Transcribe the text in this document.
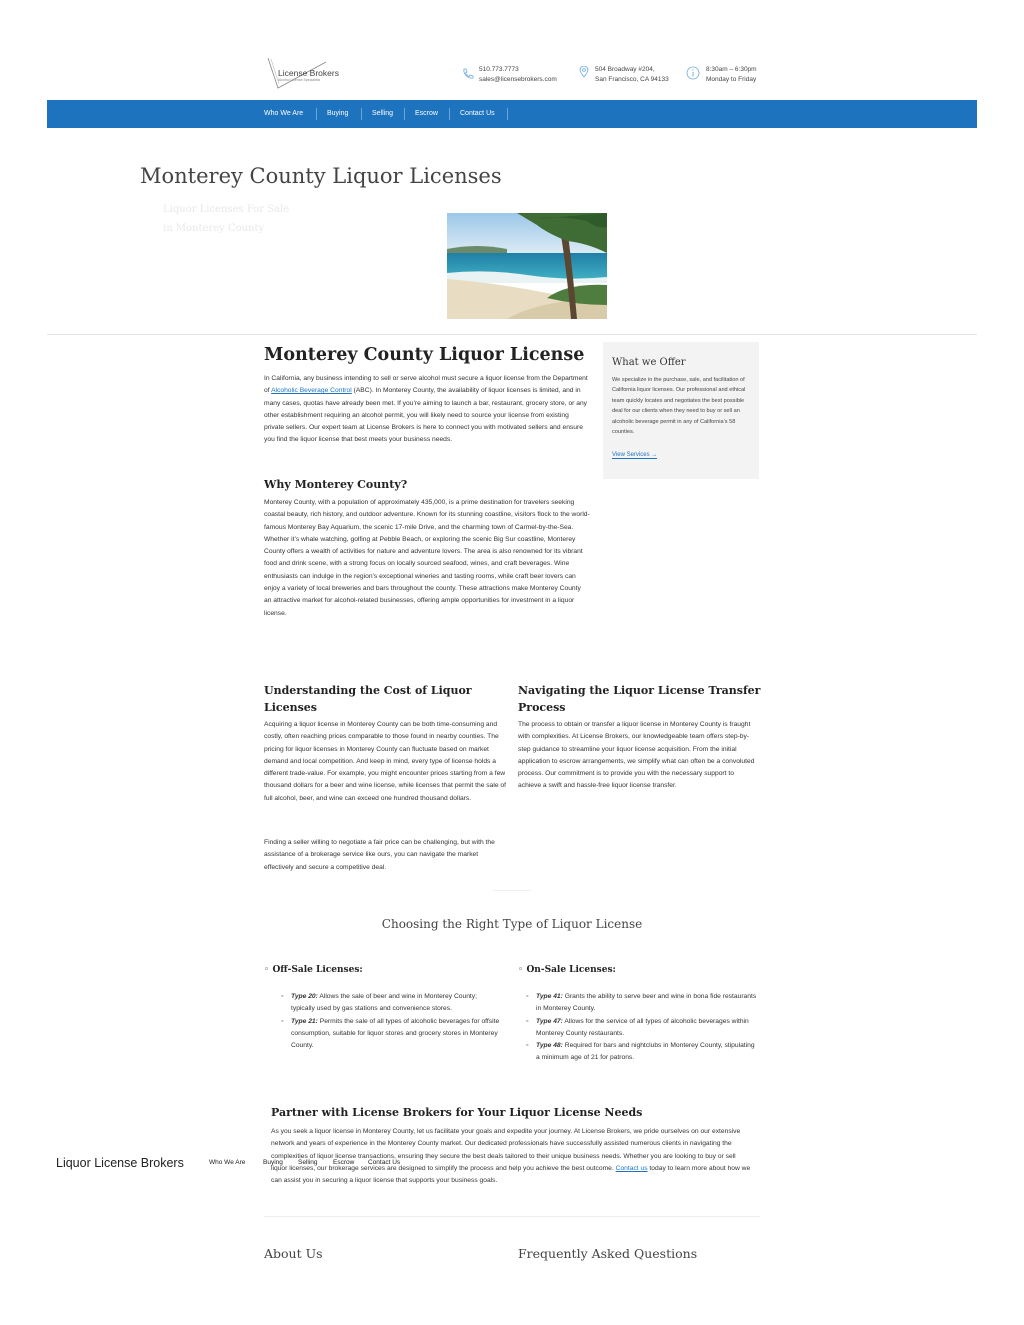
License Brokers
Alcohol License Specialists
510.773.7773
sales@licensebrokers.com
504 Broadway #204,
San Francisco, CA 94133
8:30am – 6:30pm
Monday to Friday
Who We Are	Buying	Selling	Escrow	Contact Us
Monterey County Liquor Licenses
Liquor Licenses For Sale
in Monterey County
Monterey County Liquor License
In California, any business intending to sell or serve alcohol must secure a liquor license from the Department of Alcoholic Beverage Control (ABC). In Monterey County, the availability of liquor licenses is limited, and in many cases, quotas have already been met. If you’re aiming to launch a bar, restaurant, grocery store, or any other establishment requiring an alcohol permit, you will likely need to source your license from existing private sellers. Our expert team at License Brokers is here to connect you with motivated sellers and ensure you find the liquor license that best meets your business needs.
Why Monterey County?
Monterey County, with a population of approximately 435,000, is a prime destination for travelers seeking coastal beauty, rich history, and outdoor adventure. Known for its stunning coastline, visitors flock to the world-famous Monterey Bay Aquarium, the scenic 17-mile Drive, and the charming town of Carmel-by-the-Sea. Whether it’s whale watching, golfing at Pebble Beach, or exploring the scenic Big Sur coastline, Monterey County offers a wealth of activities for nature and adventure lovers. The area is also renowned for its vibrant food and drink scene, with a strong focus on locally sourced seafood, wines, and craft beverages. Wine enthusiasts can indulge in the region’s exceptional wineries and tasting rooms, while craft beer lovers can enjoy a variety of local breweries and bars throughout the county. These attractions make Monterey County an attractive market for alcohol-related businesses, offering ample opportunities for investment in a liquor license.
What we Offer
We specialize in the purchase, sale, and facilitation of California liquor licenses. Our professional and ethical team quickly locates and negotiates the best possible deal for our clients when they need to buy or sell an alcoholic beverage permit in any of California’s 58 counties.
View Services →
Understanding the Cost of Liquor Licenses
Acquiring a liquor license in Monterey County can be both time-consuming and costly, often reaching prices comparable to those found in nearby counties. The pricing for liquor licenses in Monterey County can fluctuate based on market demand and local competition. And keep in mind, every type of license holds a different trade-value. For example, you might encounter prices starting from a few thousand dollars for a beer and wine license, while licenses that permit the sale of full alcohol, beer, and wine can exceed one hundred thousand dollars.
Finding a seller willing to negotiate a fair price can be challenging, but with the assistance of a brokerage service like ours, you can navigate the market effectively and secure a competitive deal.
Navigating the Liquor License Transfer Process
The process to obtain or transfer a liquor license in Monterey County is fraught with complexities. At License Brokers, our knowledgeable team offers step-by-step guidance to streamline your liquor license acquisition. From the initial application to escrow arrangements, we simplify what can often be a convoluted process. Our commitment is to provide you with the necessary support to achieve a swift and hassle-free liquor license transfer.
Choosing the Right Type of Liquor License
◦ Off-Sale Licenses:
◦ Type 20: Allows the sale of beer and wine in Monterey County; typically used by gas stations and convenience stores.
◦ Type 21: Permits the sale of all types of alcoholic beverages for offsite consumption, suitable for liquor stores and grocery stores in Monterey County.
◦ On-Sale Licenses:
◦ Type 41: Grants the ability to serve beer and wine in bona fide restaurants in Monterey County.
◦ Type 47: Allows for the service of all types of alcoholic beverages within Monterey County restaurants.
◦ Type 48: Required for bars and nightclubs in Monterey County, stipulating a minimum age of 21 for patrons.
Partner with License Brokers for Your Liquor License Needs
As you seek a liquor license in Monterey County, let us facilitate your goals and expedite your journey. At License Brokers, we pride ourselves on our extensive network and years of experience in the Monterey County market. Our dedicated professionals have successfully assisted numerous clients in navigating the complexities of liquor license transactions, ensuring they secure the best deals tailored to their unique business needs. Whether you are looking to buy or sell liquor licenses, our brokerage services are designed to simplify the process and help you achieve the best outcome. Contact us today to learn more about how we can assist you in securing a liquor license that supports your business goals.
Liquor License Brokers	Who We Are	Buying Selling Escrow Contact Us
About Us	Frequently Asked Questions
